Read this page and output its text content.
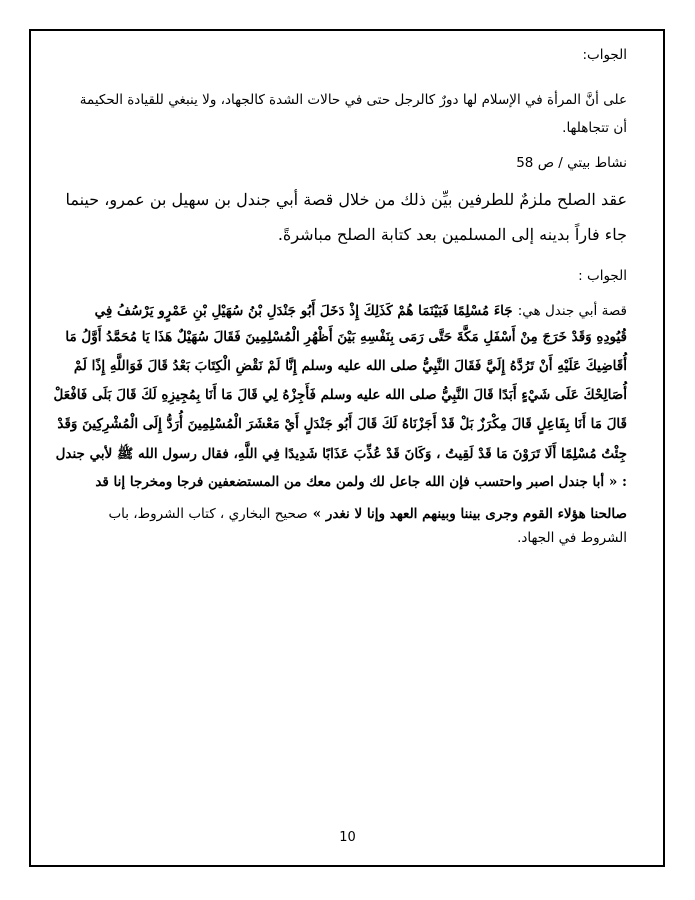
الجواب:
على أنَّ المرأة في الإسلام لها دورٌ كالرجل حتى في حالات الشدة كالجهاد، ولا ينبغي للقيادة الحكيمة
أن تتجاهلها.
نشاط بيتي / ص 58
عقد الصلح ملزمٌ للطرفين بيِّن ذلك من خلال قصة أبي جندل بن سهيل بن عمرو، حينما
جاء فاراً بدينه إلى المسلمين بعد كتابة الصلح مباشرةً.
الجواب :
قصة أبي جندل هي: جَاءَ مُسْلِمًا فَبَيْنَمَا هُمْ كَذَلِكَ إِذْ دَخَلَ أَبُو جَنْدَلِ بْنُ سُهَيْلِ بْنِ عَمْرٍو يَرْسُفُ فِي
قُيُودِهِ وَقَدْ خَرَجَ مِنْ أَسْفَلِ مَكَّةَ حَتَّى رَمَى بِنَفْسِهِ بَيْنَ أَظْهُرِ الْمُسْلِمِينَ فَقَالَ سُهَيْلٌ هَذَا يَا مُحَمَّدُ أَوَّلُ مَا
أُقَاضِيكَ عَلَيْهِ أَنْ تَرُدَّهُ إِلَيَّ فَقَالَ النَّبِيُّ صلى الله عليه وسلم إِنَّا لَمْ نَقْضِ الْكِتَابَ بَعْدُ قَالَ فَوَاللَّهِ إِذًا لَمْ
أُصَالِحْكَ عَلَى شَيْءٍ أَبَدًا قَالَ النَّبِيُّ صلى الله عليه وسلم فَأَجِزْهُ لِي قَالَ مَا أَنَا بِمُجِيزِهِ لَكَ قَالَ بَلَى فَافْعَلْ
قَالَ مَا أَنَا بِفَاعِلٍ قَالَ مِكْرَزٌ بَلْ قَدْ أَجَزْنَاهُ لَكَ قَالَ أَبُو جَنْدَلٍ أَيْ مَعْشَرَ الْمُسْلِمِينَ أُرَدُّ إِلَى الْمُشْرِكِينَ وَقَدْ
جِئْتُ مُسْلِمًا أَلَا تَرَوْنَ مَا قَدْ لَقِيتُ ، وَكَانَ قَدْ عُذِّبَ عَذَابًا شَدِيدًا فِي اللَّهِ، فقال رسول الله ﷺ لأبي جندل
: « أبا جندل اصبر واحتسب فإن الله جاعل لك ولمن معك من المستضعفين فرجا ومخرجا إنا قد
صالحنا هؤلاء القوم وجرى بيننا وبينهم العهد وإنا لا نغدر » صحيح البخاري ، كتاب الشروط، باب
الشروط في الجهاد.
10
